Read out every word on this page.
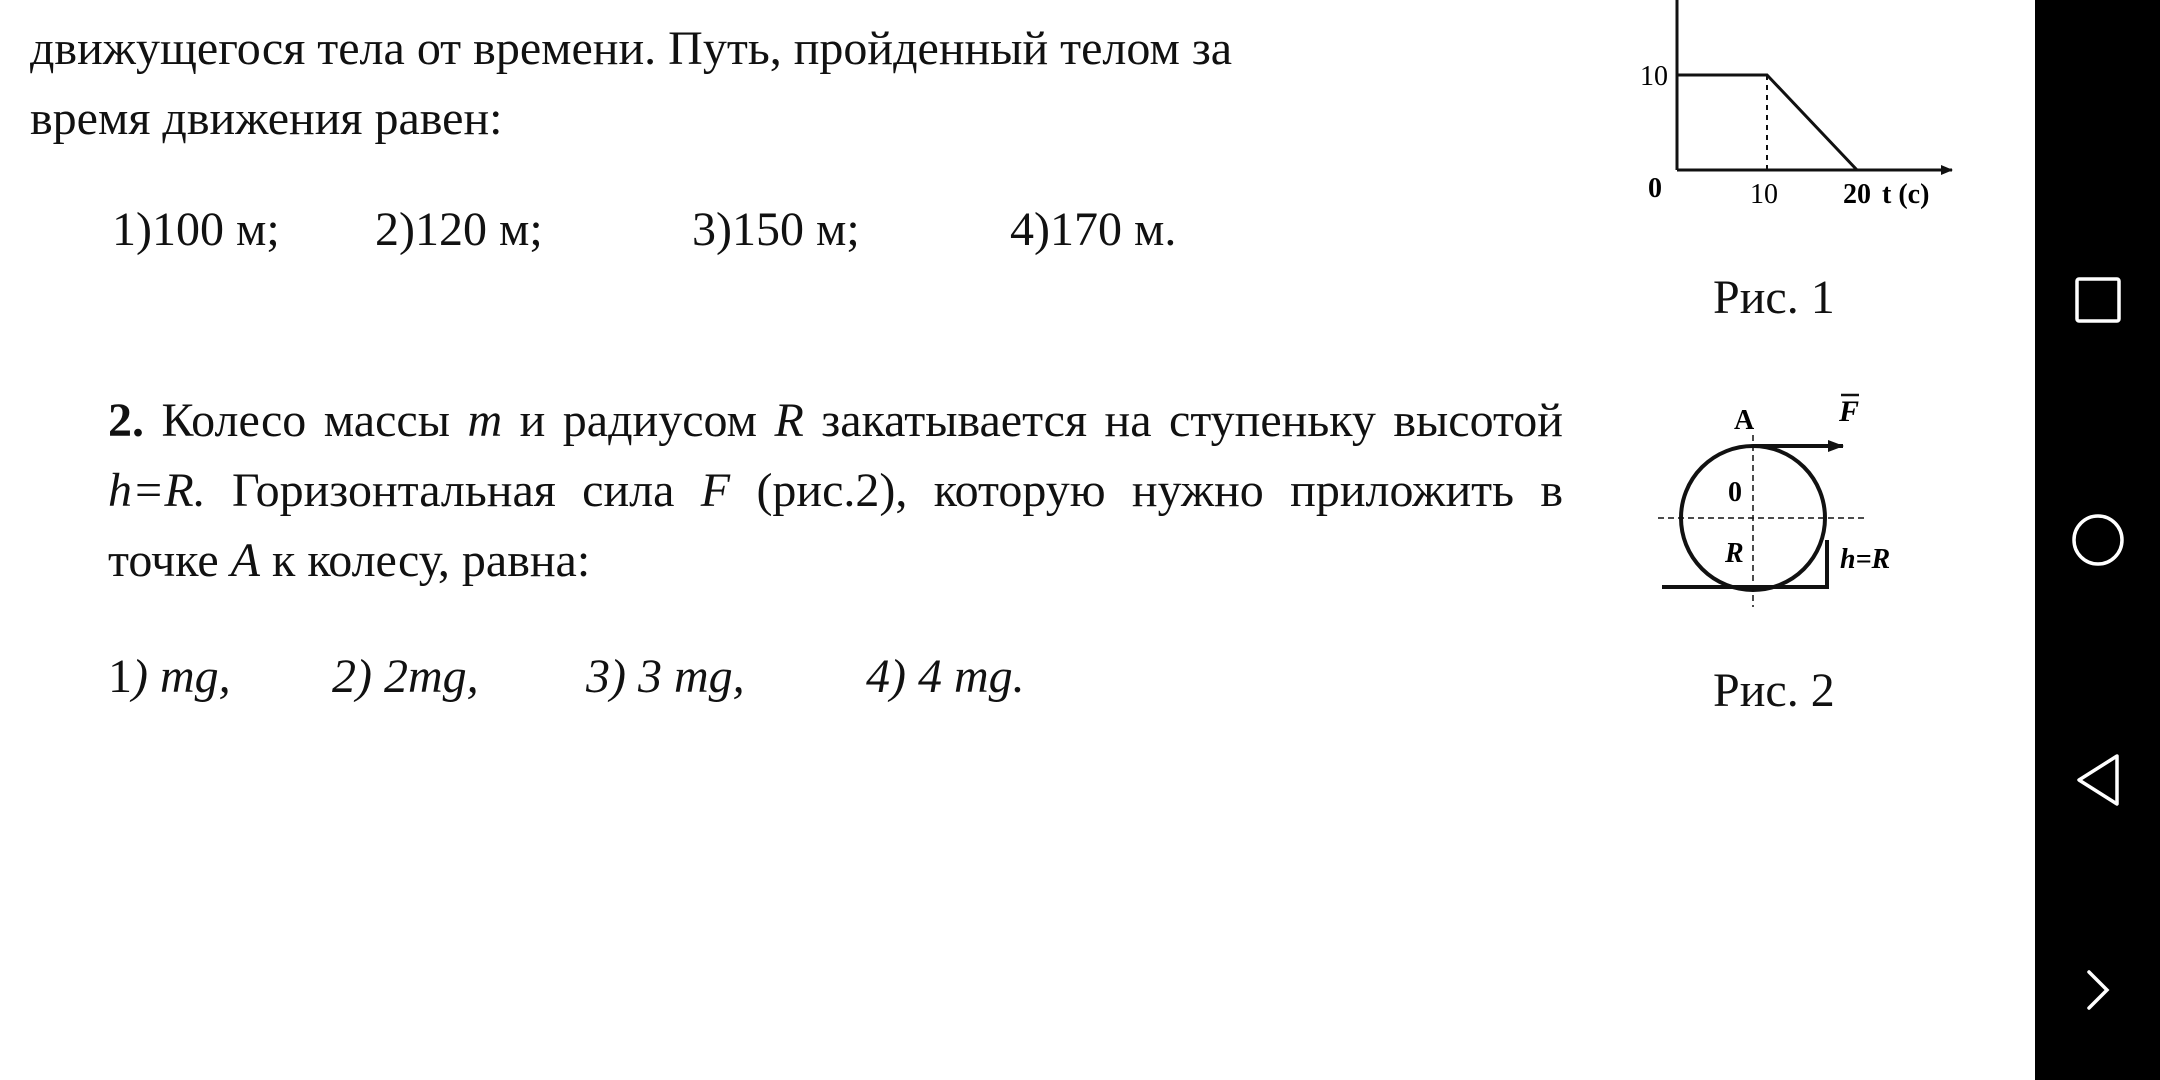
движущегося тела от времени. Путь, пройденный телом за
время движения равен:
1)100 м; 2)120 м;	3)150 м;	4)170 м.
2. Колесо массы m и радиусом R закатывается на ступеньку высотой h=R. Горизонтальная сила F (рис.2), которую нужно приложить в точке A к колесу, равна:
1) mg, 2) 2mg, 3) 3 mg,	4) 4 mg.
10
0	10 20 t (c)
Рис. 1
A	F
0
R	h=R
Рис. 2
